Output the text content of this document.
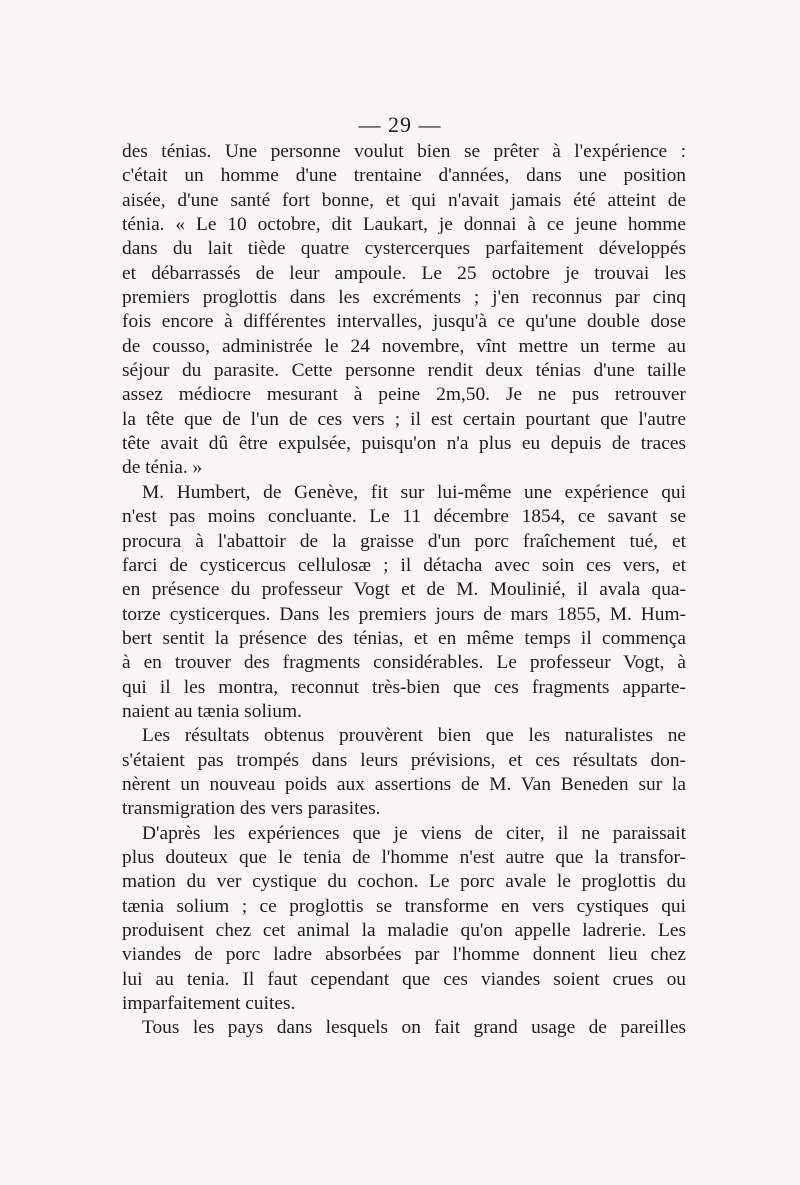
— 29 —
des ténias. Une personne voulut bien se prêter à l'expérience :
c'était un homme d'une trentaine d'années, dans une position
aisée, d'une santé fort bonne, et qui n'avait jamais été atteint de
ténia. « Le 10 octobre, dit Laukart, je donnai à ce jeune homme
dans du lait tiède quatre cystercerques parfaitement développés
et débarrassés de leur ampoule. Le 25 octobre je trouvai les
premiers proglottis dans les excréments ; j'en reconnus par cinq
fois encore à différentes intervalles, jusqu'à ce qu'une double dose
de cousso, administrée le 24 novembre, vînt mettre un terme au
séjour du parasite. Cette personne rendit deux ténias d'une taille
assez médiocre mesurant à peine 2m,50. Je ne pus retrouver
la tête que de l'un de ces vers ; il est certain pourtant que l'autre
tête avait dû être expulsée, puisqu'on n'a plus eu depuis de traces
de ténia. »
M. Humbert, de Genève, fit sur lui-même une expérience qui
n'est pas moins concluante. Le 11 décembre 1854, ce savant se
procura à l'abattoir de la graisse d'un porc fraîchement tué, et
farci de cysticercus cellulosæ ; il détacha avec soin ces vers, et
en présence du professeur Vogt et de M. Moulinié, il avala qua-
torze cysticerques. Dans les premiers jours de mars 1855, M. Hum-
bert sentit la présence des ténias, et en même temps il commença
à en trouver des fragments considérables. Le professeur Vogt, à
qui il les montra, reconnut très-bien que ces fragments apparte-
naient au tænia solium.
Les résultats obtenus prouvèrent bien que les naturalistes ne
s'étaient pas trompés dans leurs prévisions, et ces résultats don-
nèrent un nouveau poids aux assertions de M. Van Beneden sur la
transmigration des vers parasites.
D'après les expériences que je viens de citer, il ne paraissait
plus douteux que le tenia de l'homme n'est autre que la transfor-
mation du ver cystique du cochon. Le porc avale le proglottis du
tænia solium ; ce proglottis se transforme en vers cystiques qui
produisent chez cet animal la maladie qu'on appelle ladrerie. Les
viandes de porc ladre absorbées par l'homme donnent lieu chez
lui au tenia. Il faut cependant que ces viandes soient crues ou
imparfaitement cuites.
Tous les pays dans lesquels on fait grand usage de pareilles
